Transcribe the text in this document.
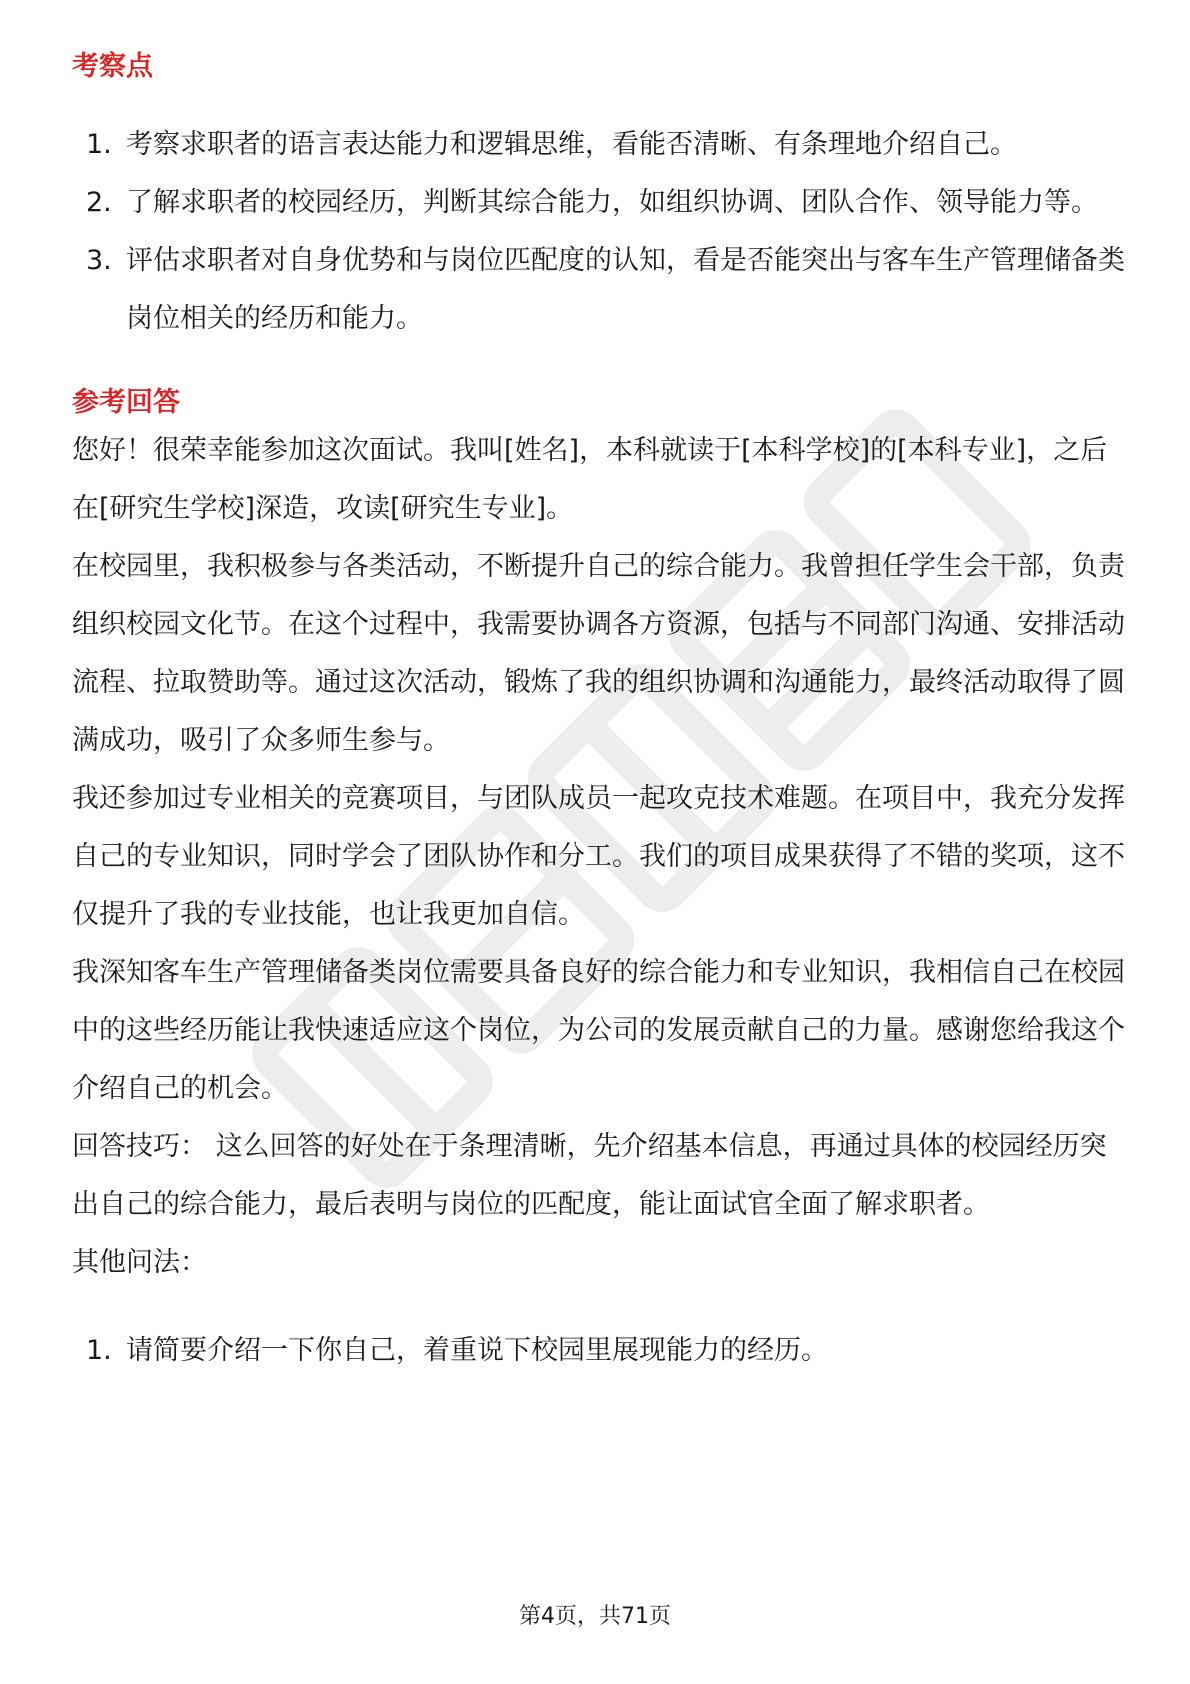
考察点
1. 考察求职者的语言表达能力和逻辑思维，看能否清晰、有条理地介绍自己。
2. 了解求职者的校园经历，判断其综合能力，如组织协调、团队合作、领导能力等。
3. 评估求职者对自身优势和与岗位匹配度的认知，看是否能突出与客车生产管理储备类岗位相关的经历和能力。
参考回答

您好！很荣幸能参加这次面试。我叫[姓名]，本科就读于[本科学校]的[本科专业]，之后在[研究生学校]深造，攻读[研究生专业]。

在校园里，我积极参与各类活动，不断提升自己的综合能力。我曾担任学生会干部，负责组织校园文化节。在这个过程中，我需要协调各方资源，包括与不同部门沟通、安排活动流程、拉取赞助等。通过这次活动，锻炼了我的组织协调和沟通能力，最终活动取得了圆满成功，吸引了众多师生参与。

我还参加过专业相关的竞赛项目，与团队成员一起攻克技术难题。在项目中，我充分发挥自己的专业知识，同时学会了团队协作和分工。我们的项目成果获得了不错的奖项，这不仅提升了我的专业技能，也让我更加自信。

我深知客车生产管理储备类岗位需要具备良好的综合能力和专业知识，我相信自己在校园中的这些经历能让我快速适应这个岗位，为公司的发展贡献自己的力量。感谢您给我这个介绍自己的机会。

回答技巧： 这么回答的好处在于条理清晰，先介绍基本信息，再通过具体的校园经历突出自己的综合能力，最后表明与岗位的匹配度，能让面试官全面了解求职者。

其他问法：

1. 请简要介绍一下你自己，着重说下校园里展现能力的经历。
第4页，共71页
